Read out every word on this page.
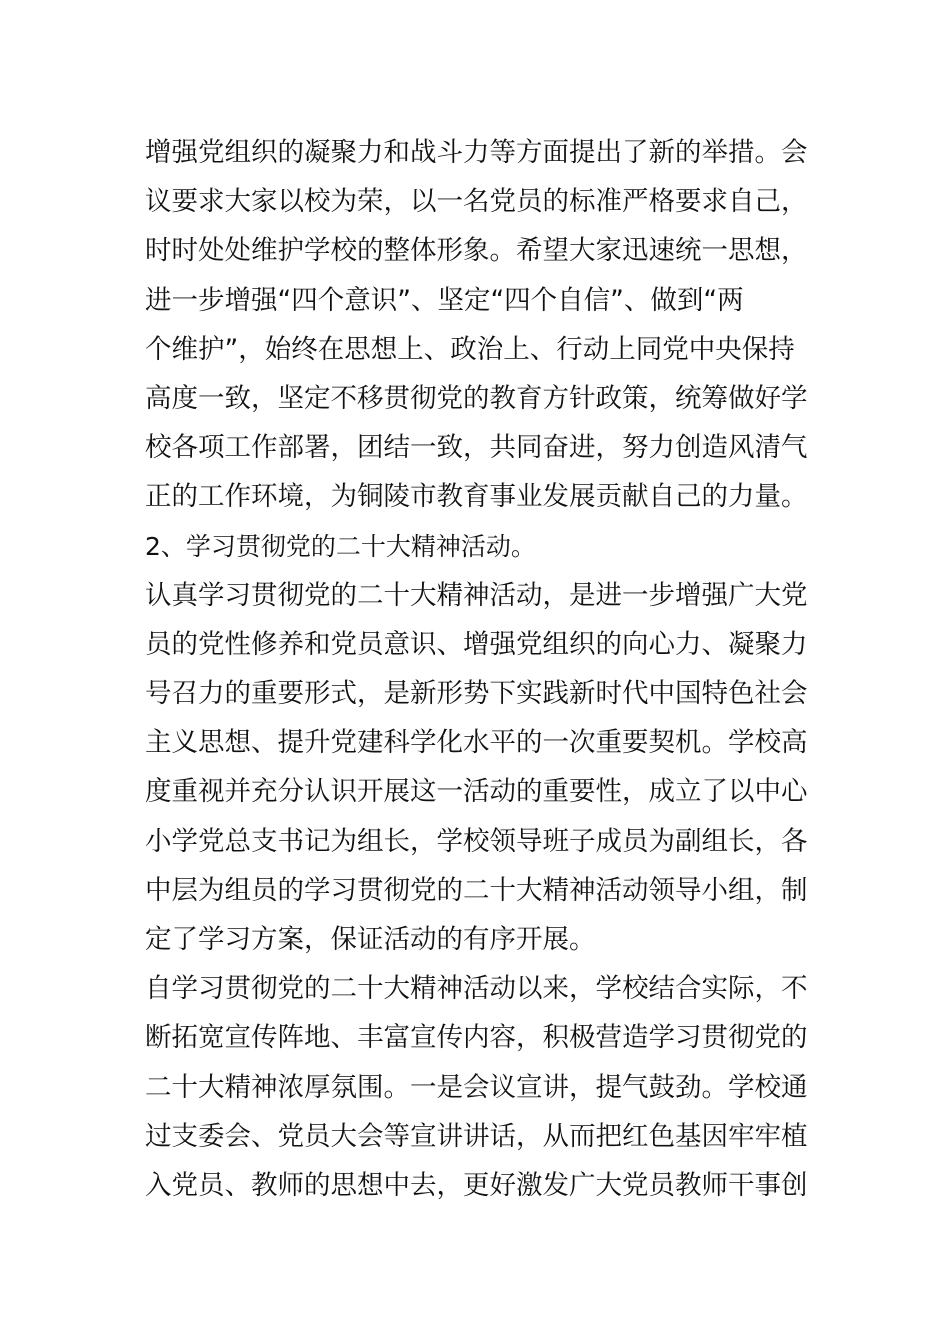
增强党组织的凝聚力和战斗力等方面提出了新的举措。会
议要求大家以校为荣，以一名党员的标准严格要求自己，
时时处处维护学校的整体形象。希望大家迅速统一思想，
进一步增强“四个意识”、坚定“四个自信”、做到“两
个维护”，始终在思想上、政治上、行动上同党中央保持
高度一致，坚定不移贯彻党的教育方针政策，统筹做好学
校各项工作部署，团结一致，共同奋进，努力创造风清气
正的工作环境，为铜陵市教育事业发展贡献自己的力量。
2、学习贯彻党的二十大精神活动。
认真学习贯彻党的二十大精神活动，是进一步增强广大党
员的党性修养和党员意识、增强党组织的向心力、凝聚力
号召力的重要形式，是新形势下实践新时代中国特色社会
主义思想、提升党建科学化水平的一次重要契机。学校高
度重视并充分认识开展这一活动的重要性，成立了以中心
小学党总支书记为组长，学校领导班子成员为副组长，各
中层为组员的学习贯彻党的二十大精神活动领导小组，制
定了学习方案，保证活动的有序开展。
自学习贯彻党的二十大精神活动以来，学校结合实际，不
断拓宽宣传阵地、丰富宣传内容，积极营造学习贯彻党的
二十大精神浓厚氛围。一是会议宣讲，提气鼓劲。学校通
过支委会、党员大会等宣讲讲话，从而把红色基因牢牢植
入党员、教师的思想中去，更好激发广大党员教师干事创
